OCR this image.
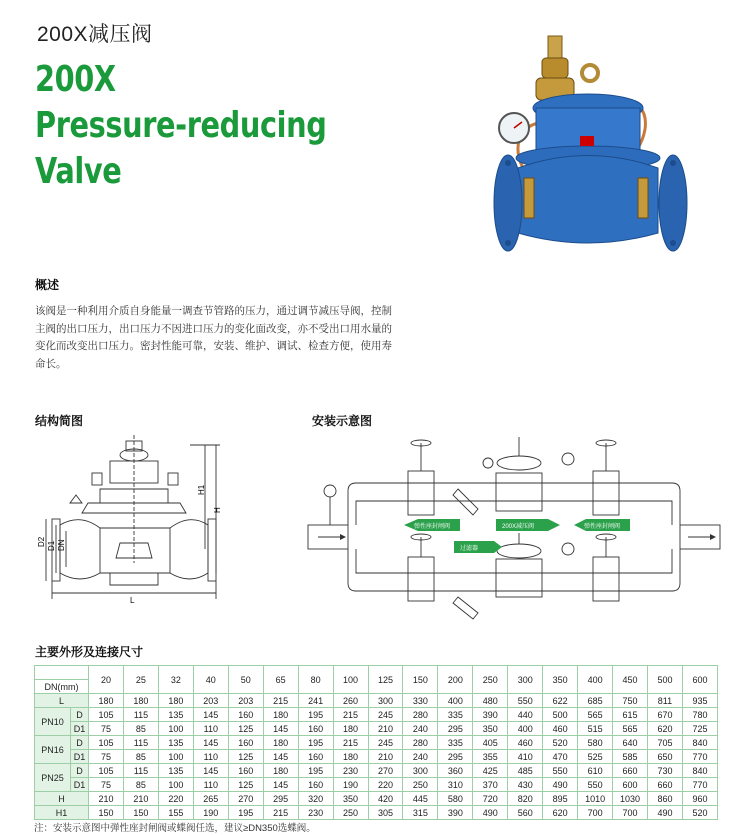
200X减压阀
200X
Pressure-reducing
Valve
概述
该阀是一种利用介质自身能量一调查节管路的压力，通过调节减压导阀，控制
主阀的出口压力，出口压力不因进口压力的变化面改变，亦不受出口用水量的
变化而改变出口压力。密封性能可靠，安装、维护、调试、检查方便，使用寿
命长。
结构简图	安装示意图
H1
H
D2 D1 DN
L
弹性座封闸阀	200X减压阀	弹性座封闸阀
过滤器
主要外形及连接尺寸
公称通径		20	25	32	40	50	65	80	100	125	150	200	250	300	350	400	450	500	600
DN(mm)																			
L		180	180	180	203	203	215	241	260	300	330	400	480	550	622	685	750	811	935
PN10	D	105	115	135	145	160	180	195	215	245	280	335	390	440	500	565	615	670	780
	D1	75	85	100	110	125	145	160	180	210	240	295	350	400	460	515	565	620	725
PN16	D	105	115	135	145	160	180	195	215	245	280	335	405	460	520	580	640	705	840
	D1	75	85	100	110	125	145	160	180	210	240	295	355	410	470	525	585	650	770
PN25	D	105	115	135	145	160	180	195	230	270	300	360	425	485	550	610	660	730	840
	D1	75	85	100	110	125	145	160	190	220	250	310	370	430	490	550	600	660	770
H		210	210	220	265	270	295	320	350	420	445	580	720	820	895	1010	1030	860	960
H1		150	150	155	190	195	215	230	250	305	315	390	490	560	620	700	700	490	520
注：安装示意图中弹性座封闸阀或蝶阀任选，建议≥DN350选蝶阀。
